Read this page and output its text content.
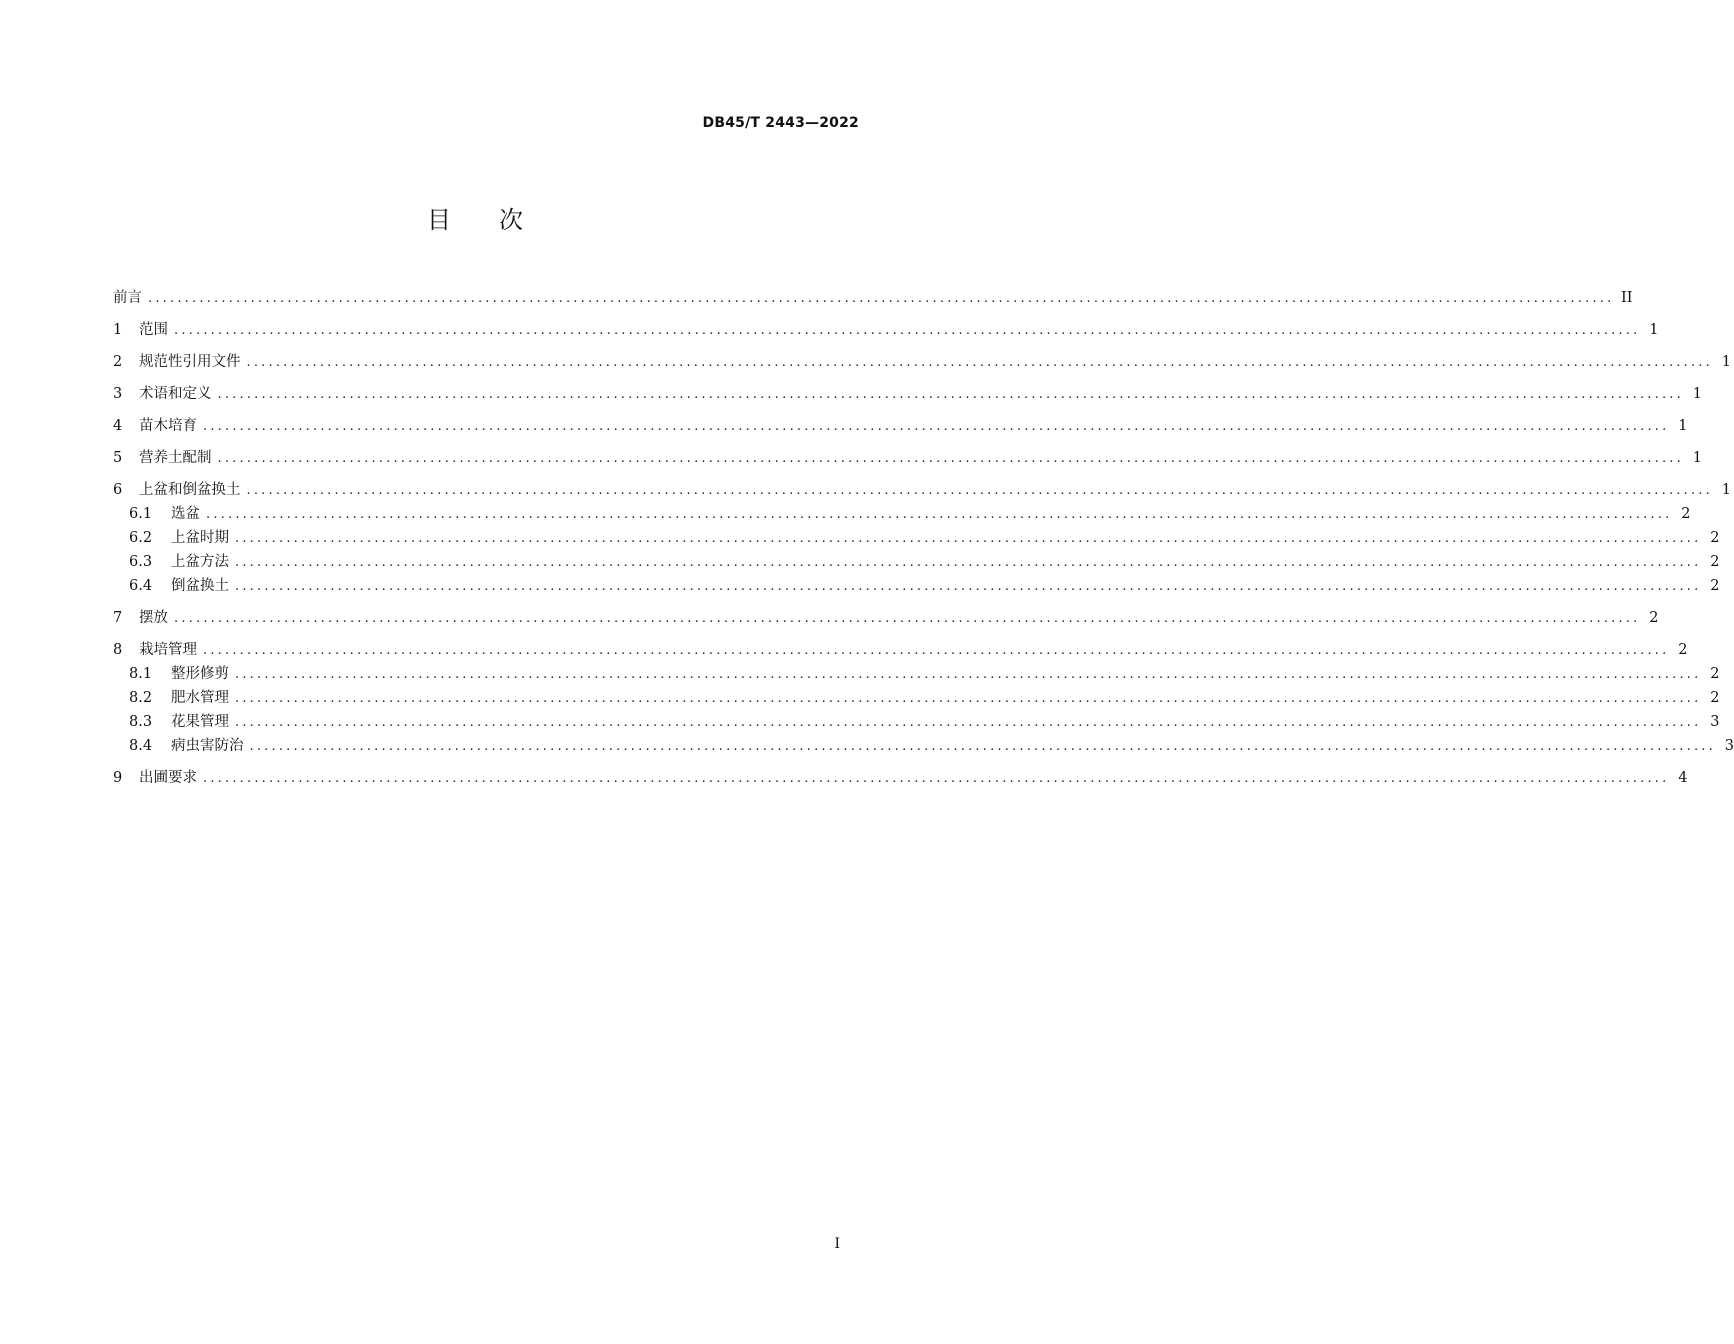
DB45/T 2443—2022
目次
前言 ........................................................................................................................................................................................................ II
1	范围 ........................................................................................................................................................................................................ 1
2	规范性引用文件 ........................................................................................................................................................................................................ 1
3	术语和定义 ........................................................................................................................................................................................................ 1
4	苗木培育 ........................................................................................................................................................................................................ 1
5	营养土配制 ........................................................................................................................................................................................................ 1
6	上盆和倒盆换土 ........................................................................................................................................................................................................ 1
6.1	选盆 ........................................................................................................................................................................................................ 2
6.2	上盆时期 ........................................................................................................................................................................................................ 2
6.3	上盆方法 ........................................................................................................................................................................................................ 2
6.4	倒盆换土 ........................................................................................................................................................................................................ 2
7	摆放 ........................................................................................................................................................................................................ 2
8	栽培管理 ........................................................................................................................................................................................................ 2
8.1	整形修剪 ........................................................................................................................................................................................................ 2
8.2	肥水管理 ........................................................................................................................................................................................................ 2
8.3	花果管理 ........................................................................................................................................................................................................ 3
8.4	病虫害防治 ........................................................................................................................................................................................................ 3
9	出圃要求 ........................................................................................................................................................................................................ 4
I
